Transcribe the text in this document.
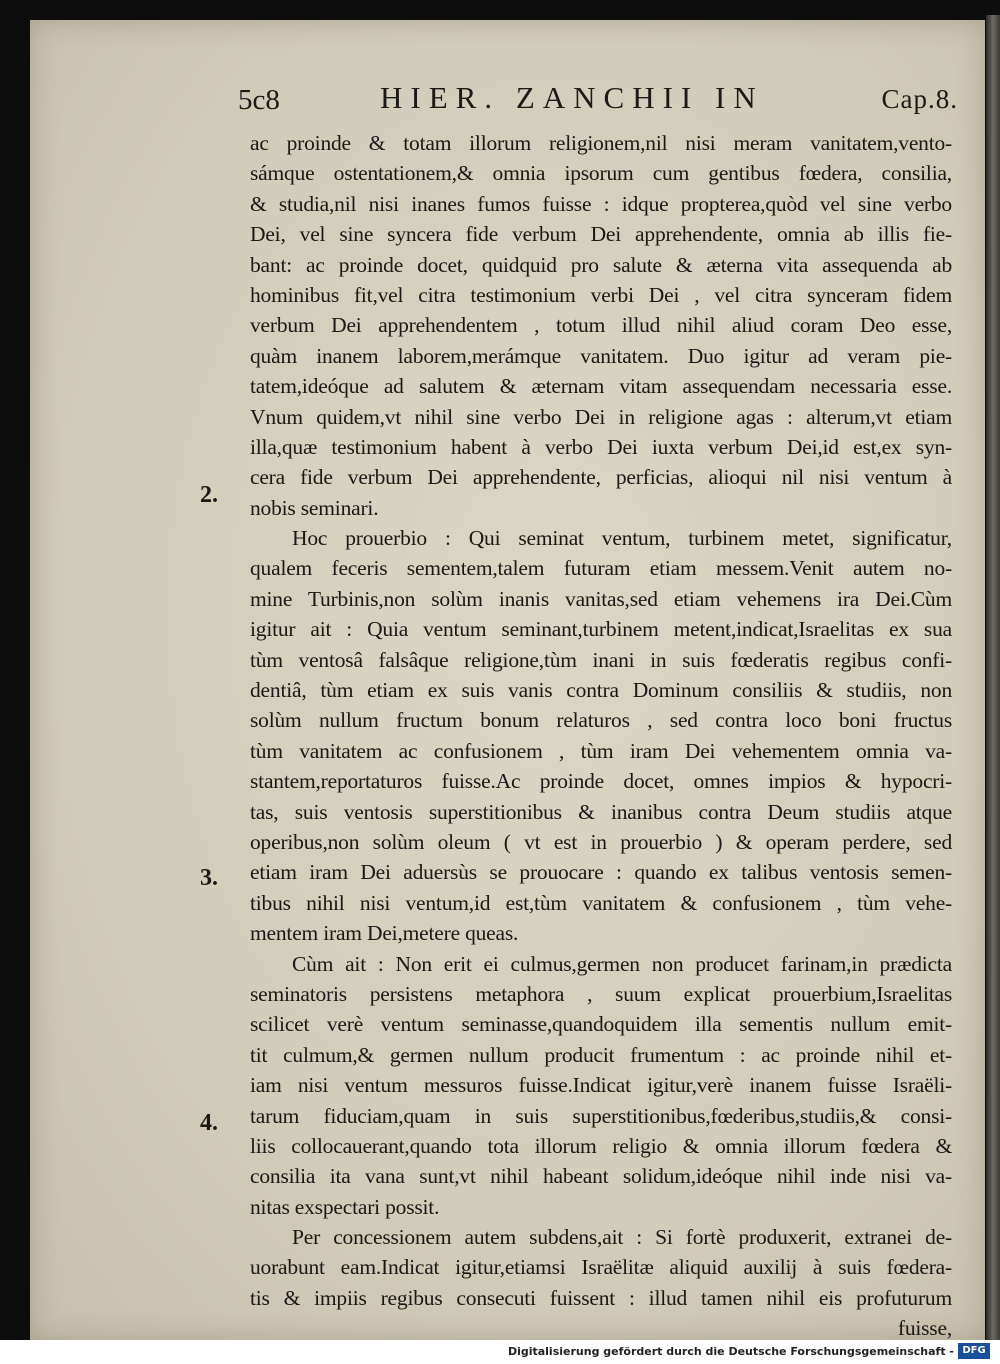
5c8	HIER. ZANCHII IN	Cap.8.
ac proinde & totam illorum religionem,nil nisi meram vanitatem,vento-
sámque ostentationem,& omnia ipsorum cum gentibus fœdera, consilia,
& studia,nil nisi inanes fumos fuisse : idque propterea,quòd vel sine verbo
Dei, vel sine syncera fide verbum Dei apprehendente, omnia ab illis fie-
bant: ac proinde docet, quidquid pro salute & æterna vita assequenda ab
hominibus fit,vel citra testimonium verbi Dei , vel citra synceram fidem
verbum Dei apprehendentem , totum illud nihil aliud coram Deo esse,
quàm inanem laborem,merámque vanitatem. Duo igitur ad veram pie-
tatem,ideóque ad salutem & æternam vitam assequendam necessaria esse.
Vnum quidem,vt nihil sine verbo Dei in religione agas : alterum,vt etiam
illa,quæ testimonium habent à verbo Dei iuxta verbum Dei,id est,ex syn-
cera fide verbum Dei apprehendente, perficias, alioqui nil nisi ventum à
nobis seminari.
Hoc prouerbio : Qui seminat ventum, turbinem metet, significatur,
qualem feceris sementem,talem futuram etiam messem.Venit autem no-
mine Turbinis,non solùm inanis vanitas,sed etiam vehemens ira Dei.Cùm
igitur ait : Quia ventum seminant,turbinem metent,indicat,Israelitas ex sua
tùm ventosâ falsâque religione,tùm inani in suis fœderatis regibus confi-
dentiâ, tùm etiam ex suis vanis contra Dominum consiliis & studiis, non
solùm nullum fructum bonum relaturos , sed contra loco boni fructus
tùm vanitatem ac confusionem , tùm iram Dei vehementem omnia va-
stantem,reportaturos fuisse.Ac proinde docet, omnes impios & hypocri-
tas, suis ventosis superstitionibus & inanibus contra Deum studiis atque
operibus,non solùm oleum ( vt est in prouerbio ) & operam perdere, sed
etiam iram Dei aduersùs se prouocare : quando ex talibus ventosis semen-
tibus nihil nisi ventum,id est,tùm vanitatem & confusionem , tùm vehe-
mentem iram Dei,metere queas.
Cùm ait : Non erit ei culmus,germen non producet farinam,in prædicta
seminatoris persistens metaphora , suum explicat prouerbium,Israelitas
scilicet verè ventum seminasse,quandoquidem illa sementis nullum emit-
tit culmum,& germen nullum producit frumentum : ac proinde nihil et-
iam nisi ventum messuros fuisse.Indicat igitur,verè inanem fuisse Israëli-
tarum fiduciam,quam in suis superstitionibus,fœderibus,studiis,& consi-
liis collocauerant,quando tota illorum religio & omnia illorum fœdera &
consilia ita vana sunt,vt nihil habeant solidum,ideóque nihil inde nisi va-
nitas exspectari possit.
Per concessionem autem subdens,ait : Si fortè produxerit, extranei de-
uorabunt eam.Indicat igitur,etiamsi Israëlitæ aliquid auxilij à suis fœdera-
tis & impiis regibus consecuti fuissent : illud tamen nihil eis profuturum
fuisse,
2.
3.
4.
Digitalisierung gefördert durch die Deutsche Forschungsgemeinschaft - DFG
